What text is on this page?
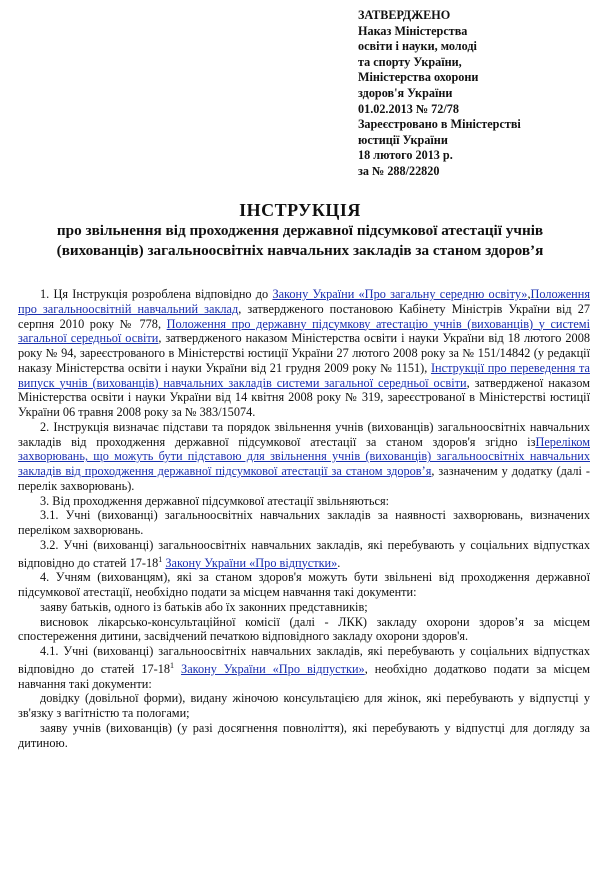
ЗАТВЕРДЖЕНО
Наказ Міністерства
освіти і науки, молоді
та спорту України,
Міністерства охорони
здоров'я України
01.02.2013 № 72/78
Зареєстровано в Міністерстві
юстиції України
18 лютого 2013 р.
за № 288/22820
ІНСТРУКЦІЯ
про звільнення від проходження державної підсумкової атестації учнів (вихованців) загальноосвітніх навчальних закладів за станом здоров’я

1. Ця Інструкція розроблена відповідно до Закону України «Про загальну середню освіту»,Положення про загальноосвітній навчальний заклад, затвердженого постановою Кабінету Міністрів України від 27 серпня 2010 року № 778, Положення про державну підсумкову атестацію учнів (вихованців) у системі загальної середньої освіти, затвердженого наказом Міністерства освіти і науки України від 18 лютого 2008 року № 94, зареєстрованого в Міністерстві юстиції України 27 лютого 2008 року за № 151/14842 (у редакції наказу Міністерства освіти і науки України від 21 грудня 2009 року № 1151), Інструкції про переведення та випуск учнів (вихованців) навчальних закладів системи загальної середньої освіти, затвердженої наказом Міністерства освіти і науки України від 14 квітня 2008 року № 319, зареєстрованої в Міністерстві юстиції України 06 травня 2008 року за № 383/15074.

2. Інструкція визначає підстави та порядок звільнення учнів (вихованців) загальноосвітніх навчальних закладів від проходження державної підсумкової атестації за станом здоров'я згідно ізПереліком захворювань, що можуть бути підставою для звільнення учнів (вихованців) загальноосвітніх навчальних закладів від проходження державної підсумкової атестації за станом здоров’я, зазначеним у додатку (далі - перелік захворювань).

3. Від проходження державної підсумкової атестації звільняються:

3.1. Учні (вихованці) загальноосвітніх навчальних закладів за наявності захворювань, визначених переліком захворювань.

3.2. Учні (вихованці) загальноосвітніх навчальних закладів, які перебувають у соціальних відпустках відповідно до статей $17-18^1$ Закону України «Про відпустки».

4. Учням (вихованцям), які за станом здоров'я можуть бути звільнені від проходження державної підсумкової атестації, необхідно подати за місцем навчання такі документи:

заяву батьків, одного із батьків або їх законних представників;

висновок лікарсько-консультаційної комісії (далі - ЛКК) закладу охорони здоров’я за місцем спостереження дитини, засвідчений печаткою відповідного закладу охорони здоров'я.

4.1. Учні (вихованці) загальноосвітніх навчальних закладів, які перебувають у соціальних відпустках відповідно до статей $17-18^1$ Закону України «Про відпустки», необхідно додатково подати за місцем навчання такі документи:

довідку (довільної форми), видану жіночою консультацією для жінок, які перебувають у відпустці у зв'язку з вагітністю та пологами;

заяву учнів (вихованців) (у разі досягнення повноліття), які перебувають у відпустці для догляду за дитиною.
